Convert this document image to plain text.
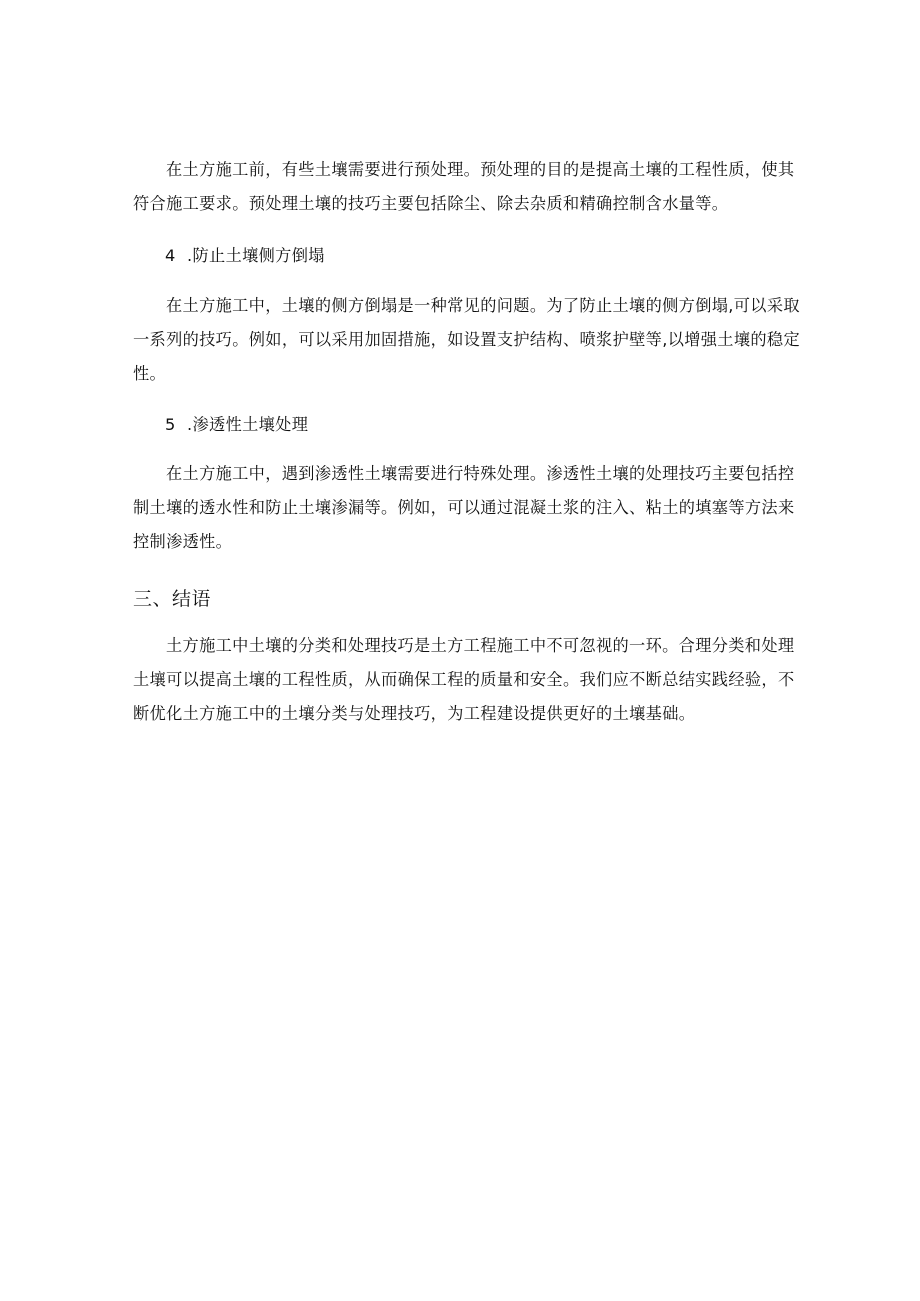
在土方施工前，有些土壤需要进行预处理。预处理的目的是提高土壤的工程性质，使其符合施工要求。预处理土壤的技巧主要包括除尘、除去杂质和精确控制含水量等。

4 .防止土壤侧方倒塌

在土方施工中，土壤的侧方倒塌是一种常见的问题。为了防止土壤的侧方倒塌,可以采取一系列的技巧。例如，可以采用加固措施，如设置支护结构、喷浆护壁等,以增强土壤的稳定性。

5 .渗透性土壤处理

在土方施工中，遇到渗透性土壤需要进行特殊处理。渗透性土壤的处理技巧主要包括控制土壤的透水性和防止土壤渗漏等。例如，可以通过混凝土浆的注入、粘土的填塞等方法来控制渗透性。

三、结语

土方施工中土壤的分类和处理技巧是土方工程施工中不可忽视的一环。合理分类和处理土壤可以提高土壤的工程性质，从而确保工程的质量和安全。我们应不断总结实践经验，不断优化土方施工中的土壤分类与处理技巧，为工程建设提供更好的土壤基础。
